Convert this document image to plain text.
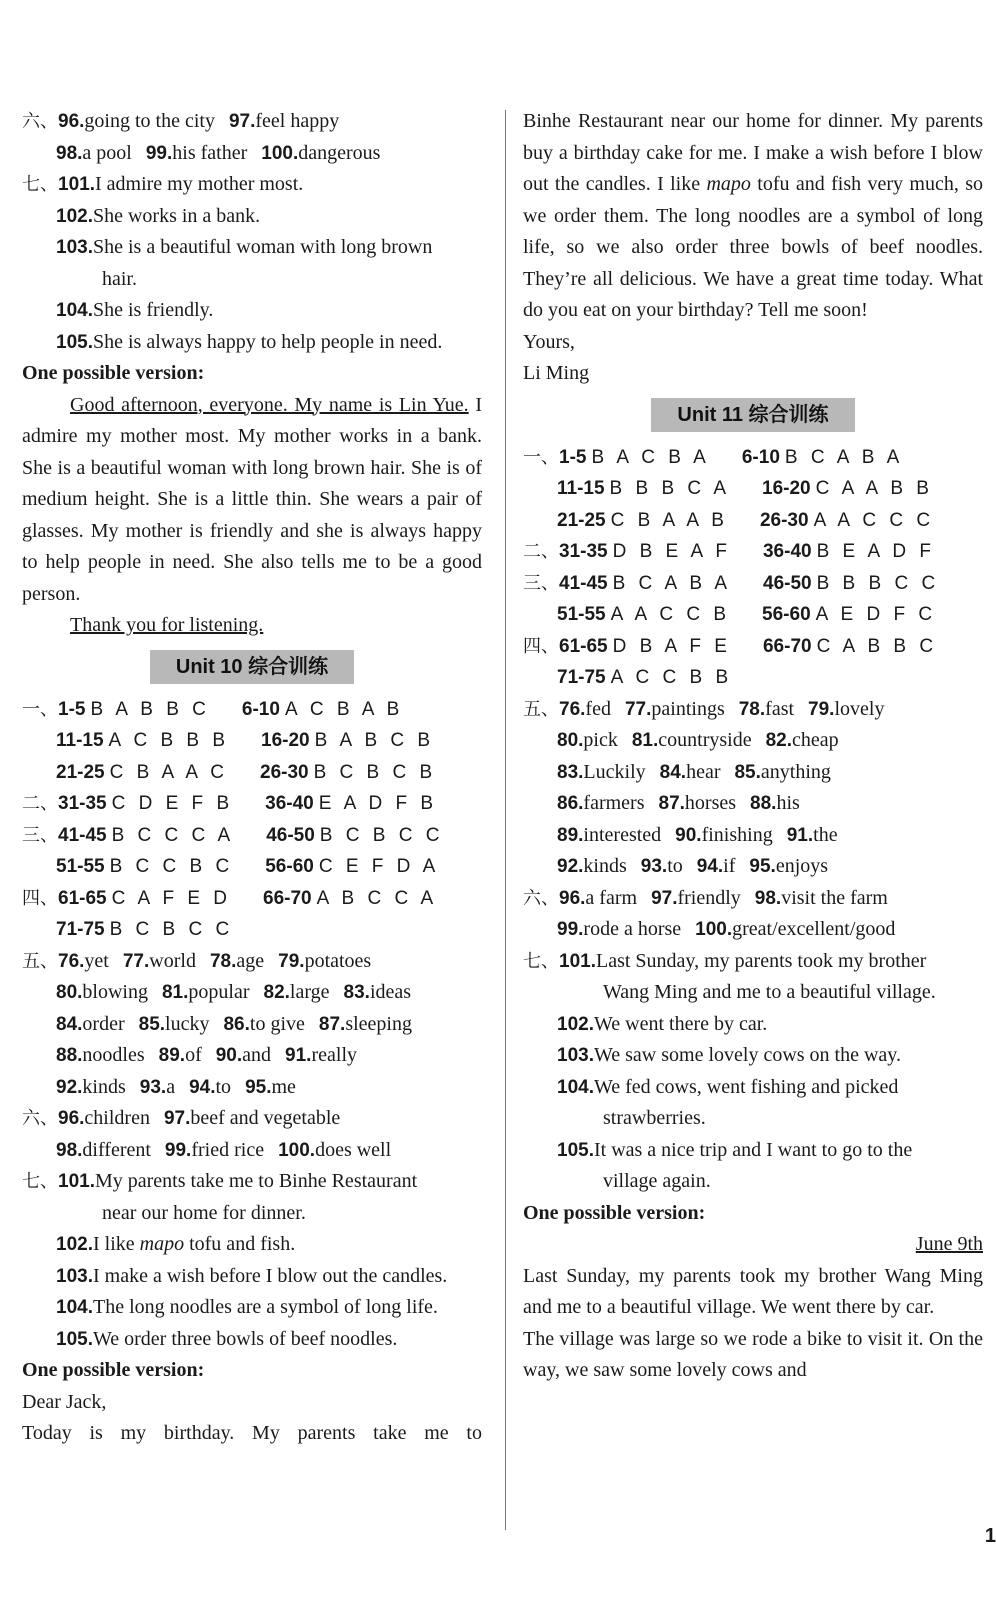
六、96.going to the city 97.feel happy
98.a pool 99.his father 100.dangerous
七、101.I admire my mother most.
102.She works in a bank.
103.She is a beautiful woman with long brown
hair.
104.She is friendly.
105.She is always happy to help people in need.
One possible version:

Good afternoon, everyone. My name is Lin Yue. I admire my mother most. My mother works in a bank. She is a beautiful woman with long brown hair. She is of medium height. She is a little thin. She wears a pair of glasses. My mother is friendly and she is always happy to help people in need. She also tells me to be a good person.

Thank you for listening.

Unit 10 综合训练
一、1-5 B A B B C 6-10 A C B A B
11-15 A C B B B 16-20 B A B C B
21-25 C B A A C 26-30 B C B C B
二、31-35 C D E F B 36-40 E A D F B
三、41-45 B C C C A 46-50 B C B C C
51-55 B C C B C 56-60 C E F D A
四、61-65 C A F E D 66-70 A B C C A
71-75 B C B C C
五、76.yet 77.world 78.age 79.potatoes
80.blowing 81.popular 82.large 83.ideas
84.order 85.lucky 86.to give 87.sleeping
88.noodles 89.of 90.and 91.really
92.kinds 93.a 94.to 95.me
六、96.children 97.beef and vegetable
98.different 99.fried rice 100.does well
七、101.My parents take me to Binhe Restaurant
near our home for dinner.
102.I like mapo tofu and fish.
103.I make a wish before I blow out the candles.
104.The long noodles are a symbol of long life.
105.We order three bowls of beef noodles.
One possible version:
Dear Jack,

Today is my birthday. My parents take me to

Binhe Restaurant near our home for dinner. My parents buy a birthday cake for me. I make a wish before I blow out the candles. I like mapo tofu and fish very much, so we order them. The long noodles are a symbol of long life, so we also order three bowls of beef noodles. They’re all delicious. We have a great time today. What do you eat on your birthday? Tell me soon!

Yours,
Li Ming
Unit 11 综合训练
一、1-5 B A C B A 6-10 B C A B A
11-15 B B B C A 16-20 C A A B B
21-25 C B A A B 26-30 A A C C C
二、31-35 D B E A F 36-40 B E A D F
三、41-45 B C A B A 46-50 B B B C C
51-55 A A C C B 56-60 A E D F C
四、61-65 D B A F E 66-70 C A B B C
71-75 A C C B B
五、76.fed 77.paintings 78.fast 79.lovely
80.pick 81.countryside 82.cheap
83.Luckily 84.hear 85.anything
86.farmers 87.horses 88.his
89.interested 90.finishing 91.the
92.kinds 93.to 94.if 95.enjoys
六、96.a farm 97.friendly 98.visit the farm
99.rode a horse 100.great/excellent/good
七、101.Last Sunday, my parents took my brother
Wang Ming and me to a beautiful village.
102.We went there by car.
103.We saw some lovely cows on the way.
104.We fed cows, went fishing and picked
strawberries.
105.It was a nice trip and I want to go to the
village again.
One possible version:
June 9th

Last Sunday, my parents took my brother Wang Ming and me to a beautiful village. We went there by car.

The village was large so we rode a bike to visit it. On the way, we saw some lovely cows and

1
